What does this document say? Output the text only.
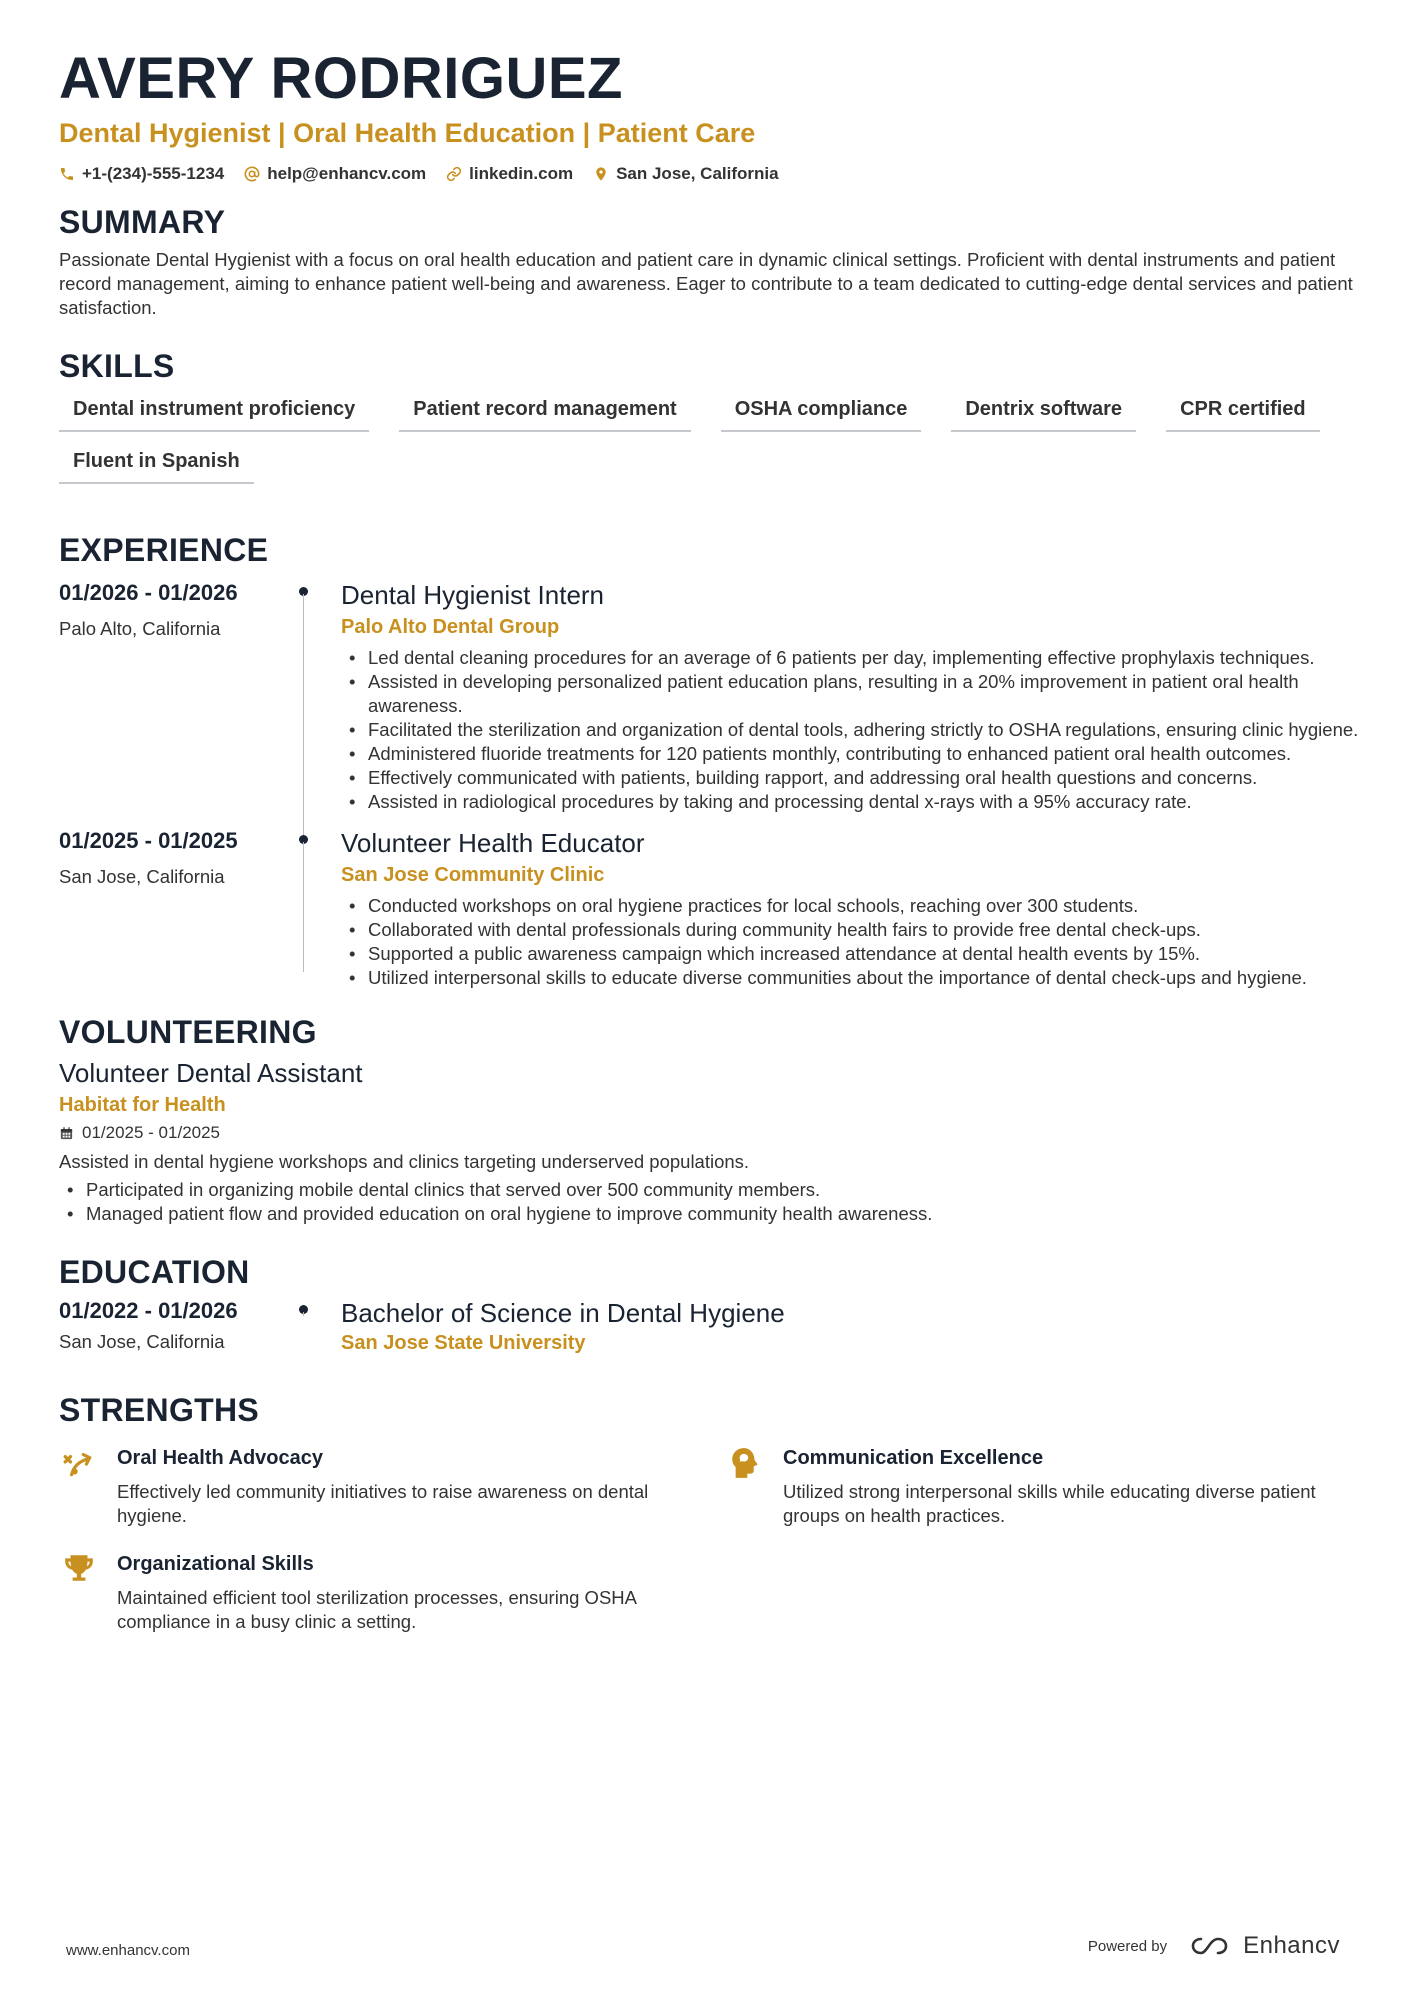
AVERY RODRIGUEZ
Dental Hygienist | Oral Health Education | Patient Care
+1-(234)-555-1234	help@enhancv.com	linkedin.com	San Jose, California
SUMMARY

Passionate Dental Hygienist with a focus on oral health education and patient care in dynamic clinical settings. Proficient with dental instruments and patient record management, aiming to enhance patient well-being and awareness. Eager to contribute to a team dedicated to cutting-edge dental services and patient satisfaction.

SKILLS
Dental instrument proficiency	Patient record management	OSHA compliance	Dentrix software	CPR certified
Fluent in Spanish
EXPERIENCE
01/2026 - 01/2026
Palo Alto, California
Dental Hygienist Intern
Palo Alto Dental Group
• Led dental cleaning procedures for an average of 6 patients per day, implementing effective prophylaxis techniques.
• Assisted in developing personalized patient education plans, resulting in a 20% improvement in patient oral health awareness.
• Facilitated the sterilization and organization of dental tools, adhering strictly to OSHA regulations, ensuring clinic hygiene.
• Administered fluoride treatments for 120 patients monthly, contributing to enhanced patient oral health outcomes.
• Effectively communicated with patients, building rapport, and addressing oral health questions and concerns.
• Assisted in radiological procedures by taking and processing dental x-rays with a 95% accuracy rate.
01/2025 - 01/2025
San Jose, California
Volunteer Health Educator
San Jose Community Clinic
• Conducted workshops on oral hygiene practices for local schools, reaching over 300 students.
• Collaborated with dental professionals during community health fairs to provide free dental check-ups.
• Supported a public awareness campaign which increased attendance at dental health events by 15%.
• Utilized interpersonal skills to educate diverse communities about the importance of dental check-ups and hygiene.
VOLUNTEERING
Volunteer Dental Assistant
Habitat for Health
01/2025 - 01/2025
Assisted in dental hygiene workshops and clinics targeting underserved populations.
• Participated in organizing mobile dental clinics that served over 500 community members.
• Managed patient flow and provided education on oral hygiene to improve community health awareness.
EDUCATION
01/2022 - 01/2026
San Jose, California
Bachelor of Science in Dental Hygiene
San Jose State University
STRENGTHS
Oral Health Advocacy
Effectively led community initiatives to raise awareness on dental hygiene.
Communication Excellence
Utilized strong interpersonal skills while educating diverse patient groups on health practices.
Organizational Skills
Maintained efficient tool sterilization processes, ensuring OSHA compliance in a busy clinic a setting.
www.enhancv.com	Powered by	Enhancv
